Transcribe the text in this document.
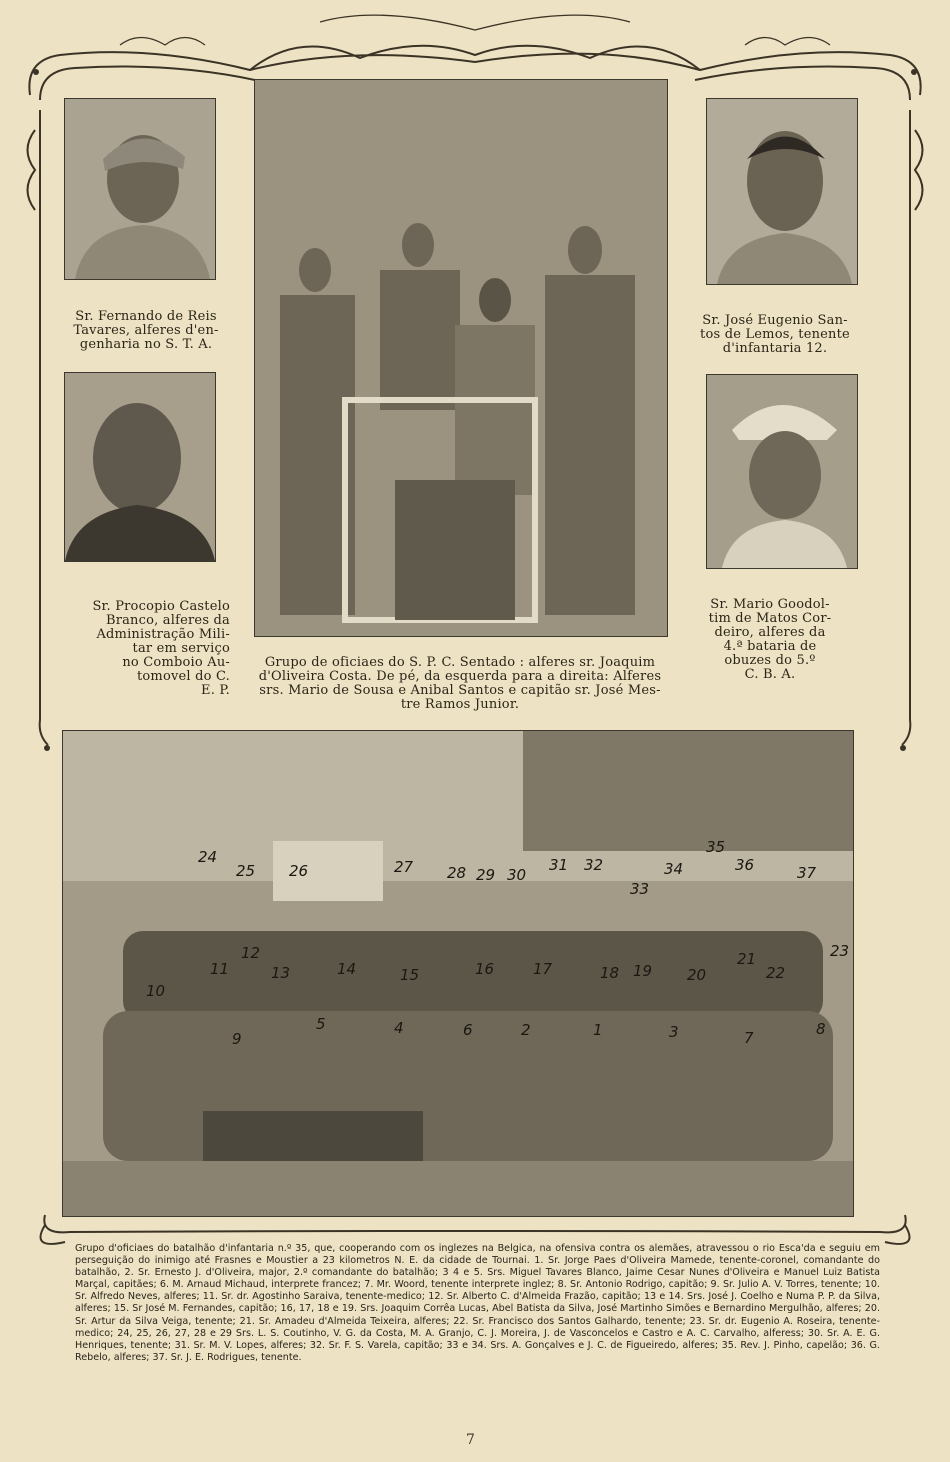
Sr. Fernando de Reis
Tavares, alferes d'en-
genharia no S. T. A.
Sr. Procopio Castelo
Branco, alferes da
Administração Mili-
tar em serviço
no Comboio Au-
tomovel do C.
E. P.
Grupo de oficiaes do S. P. C. Sentado : alferes sr. Joaquim
d'Oliveira Costa. De pé, da esquerda para a direita: Alferes
srs. Mario de Sousa e Anibal Santos e capitão sr. José Mes-
tre Ramos Junior.
Sr. José Eugenio San-
tos de Lemos, tenente
d'infantaria 12.
Sr. Mario Goodol-
tim de Matos Cor-
deiro, alferes da
4.ª bataria de
obuzes do 5.º
C. B. A.
24
25 26	27 28 29 30
31 32
33
34
35
36	37
10
11
12
13	14	15	16	17	18 19 20
21
22
23
9
5	4	6	2	1	3	7	8
Grupo d'oficiaes do batalhão d'infantaria n.º 35, que, cooperando com os inglezes na Belgica, na ofensiva contra os alemães, atravessou o rio Esca'da e seguiu em perseguição do inimigo até Frasnes e Moustier a 23 kilometros N. E. da cidade de Tournai. 1. Sr. Jorge Paes d'Oliveira Mamede, tenente-coronel, comandante do batalhão, 2. Sr. Ernesto J. d'Oliveira, major, 2.º comandante do batalhão; 3 4 e 5. Srs. Miguel Tavares Blanco, Jaime Cesar Nunes d'Oliveira e Manuel Luiz Batista Marçal, capitães; 6. M. Arnaud Michaud, interprete francez; 7. Mr. Woord, tenente interprete inglez; 8. Sr. Antonio Rodrigo, capitão; 9. Sr. Julio A. V. Torres, tenente; 10. Sr. Alfredo Neves, alferes; 11. Sr. dr. Agostinho Saraiva, tenente-medico; 12. Sr. Alberto C. d'Almeida Frazão, capitão; 13 e 14. Srs. José J. Coelho e Numa P. P. da Silva, alferes; 15. Sr José M. Fernandes, capitão; 16, 17, 18 e 19. Srs. Joaquim Corrêa Lucas, Abel Batista da Silva, José Martinho Simões e Bernardino Mergulhão, alferes; 20. Sr. Artur da Silva Veiga, tenente; 21. Sr. Amadeu d'Almeida Teixeira, alferes; 22. Sr. Francisco dos Santos Galhardo, tenente; 23. Sr. dr. Eugenio A. Roseira, tenente-medico; 24, 25, 26, 27, 28 e 29 Srs. L. S. Coutinho, V. G. da Costa, M. A. Granjo, C. J. Moreira, J. de Vasconcelos e Castro e A. C. Carvalho, alferess; 30. Sr. A. E. G. Henriques, tenente; 31. Sr. M. V. Lopes, alferes; 32. Sr. F. S. Varela, capitão; 33 e 34. Srs. A. Gonçalves e J. C. de Figueiredo, alferes; 35. Rev. J. Pinho, capelão; 36. G. Rebelo, alferes; 37. Sr. J. E. Rodrigues, tenente.
7
